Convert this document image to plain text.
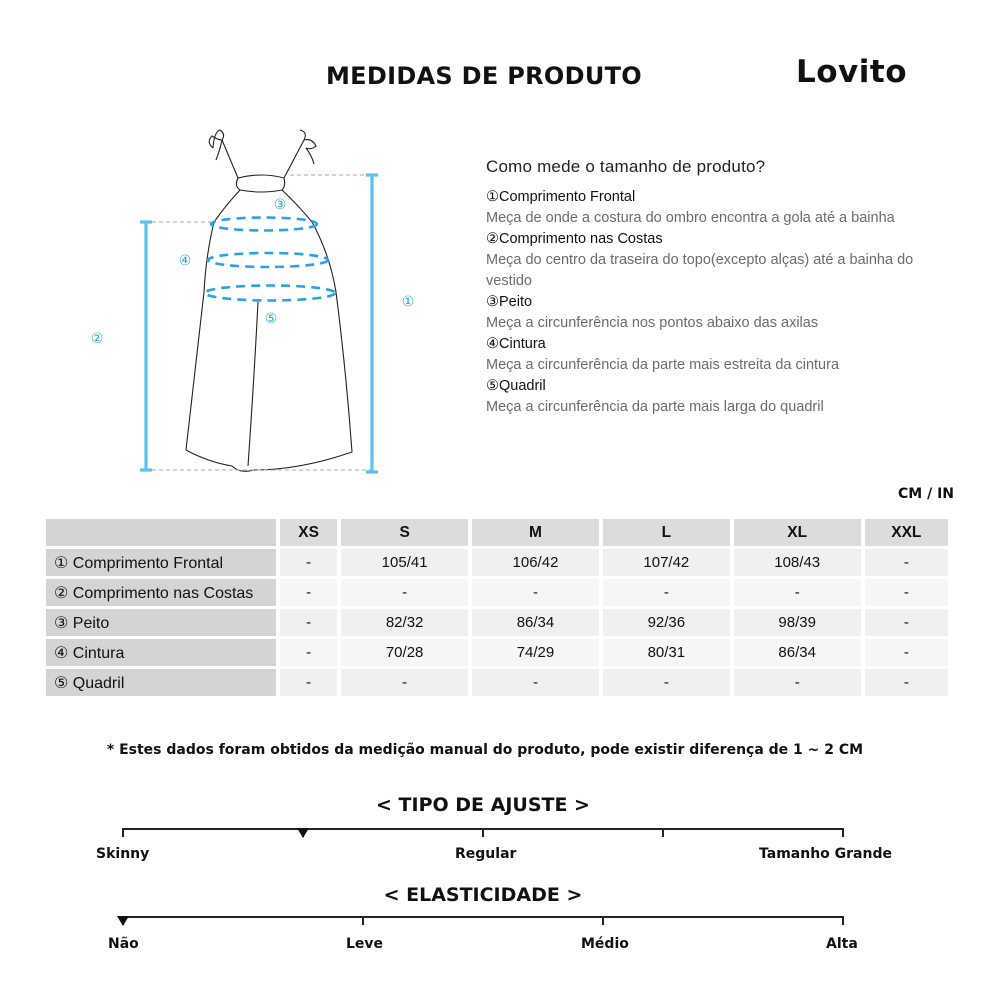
MEDIDAS DE PRODUTO	Lovito
①
②
③
④
⑤
Como mede o tamanho de produto?
①Comprimento Frontal
Meça de onde a costura do ombro encontra a gola até a bainha
②Comprimento nas Costas
Meça do centro da traseira do topo(excepto alças) até a bainha do vestido
③Peito
Meça a circunferência nos pontos abaixo das axilas
④Cintura
Meça a circunferência da parte mais estreita da cintura
⑤Quadril
Meça a circunferência da parte mais larga do quadril
CM / IN
	XS	S	M	L	XL	XXL
① Comprimento Frontal	-	105/41	106/42	107/42	108/43	-
② Comprimento nas Costas	-	-	-	-	-	-
③ Peito	-	82/32	86/34	92/36	98/39	-
④ Cintura	-	70/28	74/29	80/31	86/34	-
⑤ Quadril	-	-	-	-	-	-
* Estes dados foram obtidos da medição manual do produto, pode existir diferença de 1 ~ 2 CM
< TIPO DE AJUSTE >
Skinny	Regular	Tamanho Grande
< ELASTICIDADE >
Não	Leve	Médio	Alta
